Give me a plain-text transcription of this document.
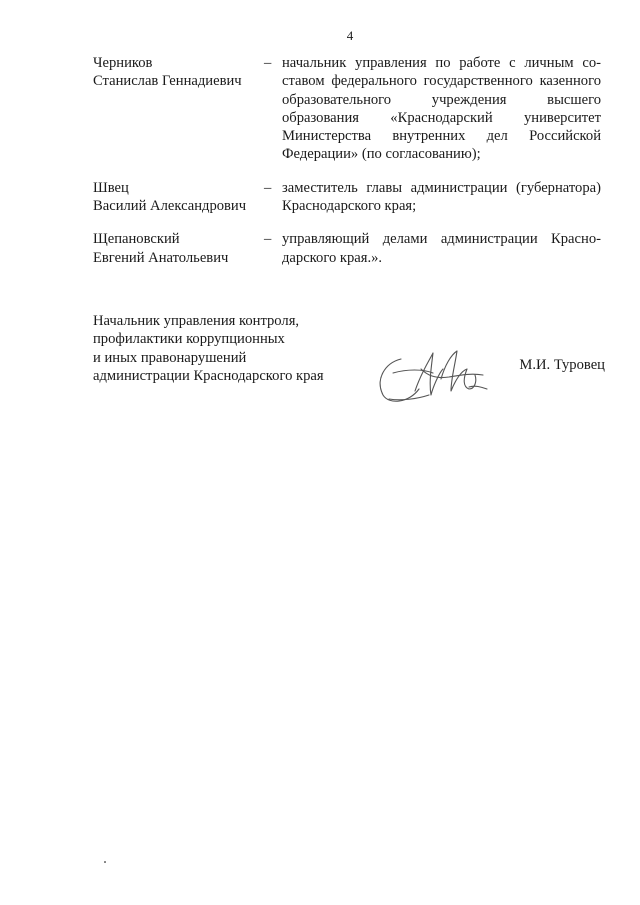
4
Черников
Станислав Геннадиевич
– начальник управления по работе с личным составом федерального государственного казенного образовательного учреждения высшего образования «Краснодарский университет Министерства внутренних дел Российской Федерации» (по согласованию);
Швец
Василий Александрович
– заместитель главы администрации (губернатора) Краснодарского края;
Щепановский
Евгений Анатольевич
– управляющий делами администрации Краснодарского края.».
Начальник управления контроля,
профилактики коррупционных
и иных правонарушений
администрации Краснодарского края
М.И. Туровец
